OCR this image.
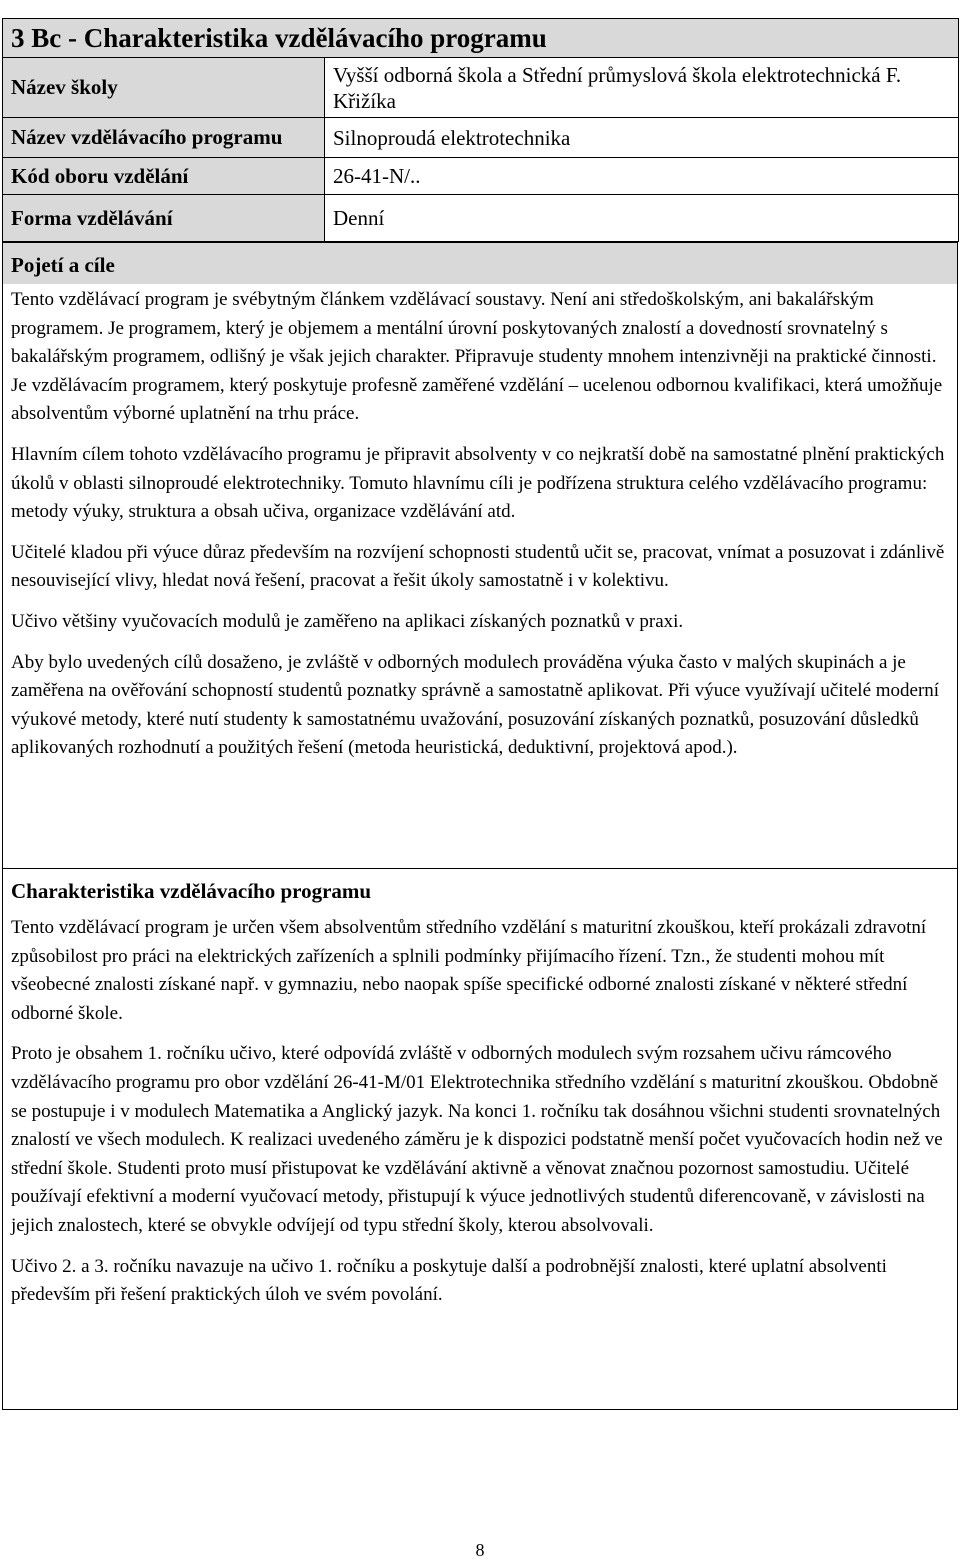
3 Bc - Charakteristika vzdělávacího programu	
Název školy	Vyšší odborná škola a Střední průmyslová škola elektrotechnická F. Křižíka
Název vzdělávacího programu	Silnoproudá elektrotechnika
Kód oboru vzdělání	26-41-N/..
Forma vzdělávání	Denní
Pojetí a cíle

Tento vzdělávací program je svébytným článkem vzdělávací soustavy. Není ani středoškolským, ani bakalářským programem. Je programem, který je objemem a mentální úrovní poskytovaných znalostí a dovedností srovnatelný s bakalářským programem, odlišný je však jejich charakter. Připravuje studenty mnohem intenzivněji na praktické činnosti. Je vzdělávacím programem, který poskytuje profesně zaměřené vzdělání – ucelenou odbornou kvalifikaci, která umožňuje absolventům výborné uplatnění na trhu práce.

Hlavním cílem tohoto vzdělávacího programu je připravit absolventy v co nejkratší době na samostatné plnění praktických úkolů v oblasti silnoproudé elektrotechniky. Tomuto hlavnímu cíli je podřízena struktura celého vzdělávacího programu: metody výuky, struktura a obsah učiva, organizace vzdělávání atd.

Učitelé kladou při výuce důraz především na rozvíjení schopnosti studentů učit se, pracovat, vnímat a posuzovat i zdánlivě nesouvisející vlivy, hledat nová řešení, pracovat a řešit úkoly samostatně i v kolektivu.

Učivo většiny vyučovacích modulů je zaměřeno na aplikaci získaných poznatků v praxi.

Aby bylo uvedených cílů dosaženo, je zvláště v odborných modulech prováděna výuka často v malých skupinách a je zaměřena na ověřování schopností studentů poznatky správně a samostatně aplikovat. Při výuce využívají učitelé moderní výukové metody, které nutí studenty k samostatnému uvažování, posuzování získaných poznatků, posuzování důsledků aplikovaných rozhodnutí a použitých řešení (metoda heuristická, deduktivní, projektová apod.).

Charakteristika vzdělávacího programu

Tento vzdělávací program je určen všem absolventům středního vzdělání s maturitní zkouškou, kteří prokázali zdravotní způsobilost pro práci na elektrických zařízeních a splnili podmínky přijímacího řízení. Tzn., že studenti mohou mít všeobecné znalosti získané např. v gymnaziu, nebo naopak spíše specifické odborné znalosti získané v některé střední odborné škole.

Proto je obsahem 1. ročníku učivo, které odpovídá zvláště v odborných modulech svým rozsahem učivu rámcového vzdělávacího programu pro obor vzdělání 26-41-M/01 Elektrotechnika středního vzdělání s maturitní zkouškou. Obdobně se postupuje i v modulech Matematika a Anglický jazyk. Na konci 1. ročníku tak dosáhnou všichni studenti srovnatelných znalostí ve všech modulech. K realizaci uvedeného záměru je k dispozici podstatně menší počet vyučovacích hodin než ve střední škole. Studenti proto musí přistupovat ke vzdělávání aktivně a věnovat značnou pozornost samostudiu. Učitelé používají efektivní a moderní vyučovací metody, přistupují k výuce jednotlivých studentů diferencovaně, v závislosti na jejich znalostech, které se obvykle odvíjejí od typu střední školy, kterou absolvovali.

Učivo 2. a 3. ročníku navazuje na učivo 1. ročníku a poskytuje další a podrobnější znalosti, které uplatní absolventi především při řešení praktických úloh ve svém povolání.

8
